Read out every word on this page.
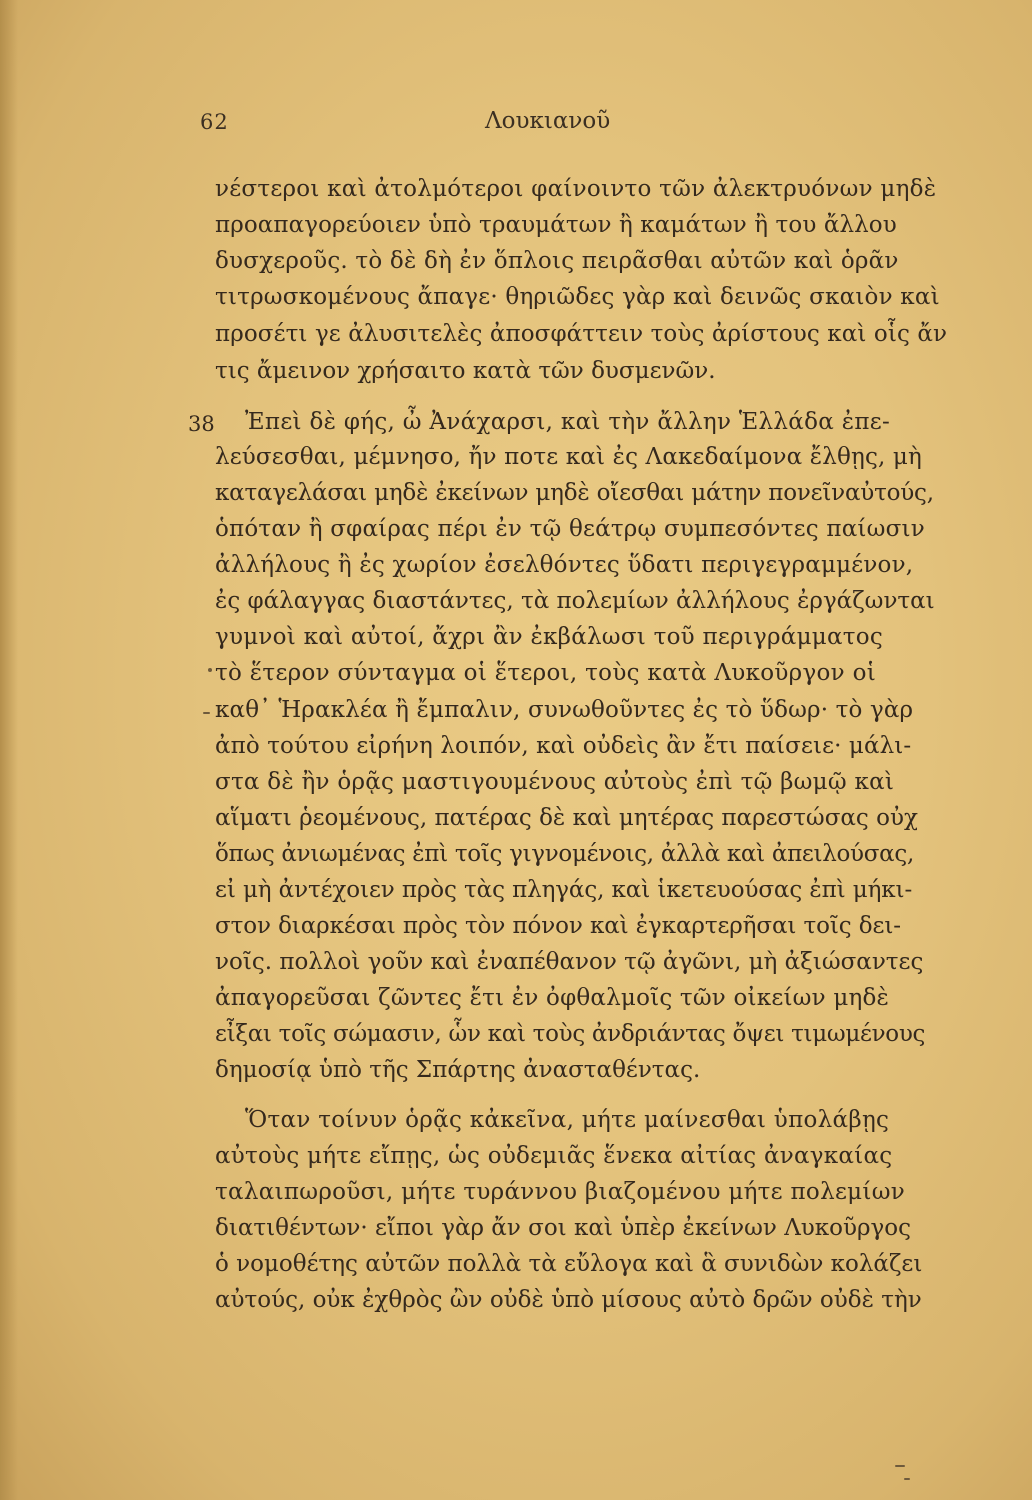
62	Λουκιανοῦ
38
νέστεροι καὶ ἀτολμότεροι φαίνοιντο τῶν ἀλεκτρυόνων μηδὲ
προαπαγορεύοιεν ὑπὸ τραυμάτων ἢ καμάτων ἢ του ἄλλου
δυσχεροῦς. τὸ δὲ δὴ ἐν ὅπλοις πειρᾶσθαι αὐτῶν καὶ ὁρᾶν
τιτρωσκομένους ἄπαγε· θηριῶδες γὰρ καὶ δεινῶς σκαιὸν καὶ
προσέτι γε ἀλυσιτελὲς ἀποσφάττειν τοὺς ἀρίστους καὶ οἷς ἄν
τις ἄμεινον χρήσαιτο κατὰ τῶν δυσμενῶν.
Ἐπεὶ δὲ φής, ὦ Ἀνάχαρσι, καὶ τὴν ἄλλην Ἑλλάδα ἐπε-
λεύσεσθαι, μέμνησο, ἤν ποτε καὶ ἐς Λακεδαίμονα ἔλθῃς, μὴ
καταγελάσαι μηδὲ ἐκείνων μηδὲ οἴεσθαι μάτην πονεῖναὐτούς,
ὁπόταν ἢ σφαίρας πέρι ἐν τῷ θεάτρῳ συμπεσόντες παίωσιν
ἀλλήλους ἢ ἐς χωρίον ἐσελθόντες ὕδατι περιγεγραμμένον,
ἐς φάλαγγας διαστάντες, τὰ πολεμίων ἀλλήλους ἐργάζωνται
γυμνοὶ καὶ αὐτοί, ἄχρι ἂν ἐκβάλωσι τοῦ περιγράμματος
τὸ ἕτερον σύνταγμα οἱ ἕτεροι, τοὺς κατὰ Λυκοῦργον οἱ
καθ᾽ Ἡρακλέα ἢ ἔμπαλιν, συνωθοῦντες ἐς τὸ ὕδωρ· τὸ γὰρ
ἀπὸ τούτου εἰρήνη λοιπόν, καὶ οὐδεὶς ἂν ἔτι παίσειε· μάλι-
στα δὲ ἢν ὁρᾷς μαστιγουμένους αὐτοὺς ἐπὶ τῷ βωμῷ καὶ
αἵματι ῥεομένους, πατέρας δὲ καὶ μητέρας παρεστώσας οὐχ
ὅπως ἀνιωμένας ἐπὶ τοῖς γιγνομένοις, ἀλλὰ καὶ ἀπειλούσας,
εἰ μὴ ἀντέχοιεν πρὸς τὰς πληγάς, καὶ ἱκετευούσας ἐπὶ μήκι-
στον διαρκέσαι πρὸς τὸν πόνον καὶ ἐγκαρτερῆσαι τοῖς δει-
νοῖς. πολλοὶ γοῦν καὶ ἐναπέθανον τῷ ἀγῶνι, μὴ ἀξιώσαντες
ἀπαγορεῦσαι ζῶντες ἔτι ἐν ὀφθαλμοῖς τῶν οἰκείων μηδὲ
εἶξαι τοῖς σώμασιν, ὧν καὶ τοὺς ἀνδριάντας ὄψει τιμωμένους
δημοσίᾳ ὑπὸ τῆς Σπάρτης ἀνασταθέντας.
Ὅταν τοίνυν ὁρᾷς κἀκεῖνα, μήτε μαίνεσθαι ὑπολάβῃς
αὐτοὺς μήτε εἴπῃς, ὡς οὐδεμιᾶς ἕνεκα αἰτίας ἀναγκαίας
ταλαιπωροῦσι, μήτε τυράννου βιαζομένου μήτε πολεμίων
διατιθέντων· εἴποι γὰρ ἄν σοι καὶ ὑπὲρ ἐκείνων Λυκοῦργος
ὁ νομοθέτης αὐτῶν πολλὰ τὰ εὔλογα καὶ ἃ συνιδὼν κολάζει
αὐτούς, οὐκ ἐχθρὸς ὢν οὐδὲ ὑπὸ μίσους αὐτὸ δρῶν οὐδὲ τὴν
